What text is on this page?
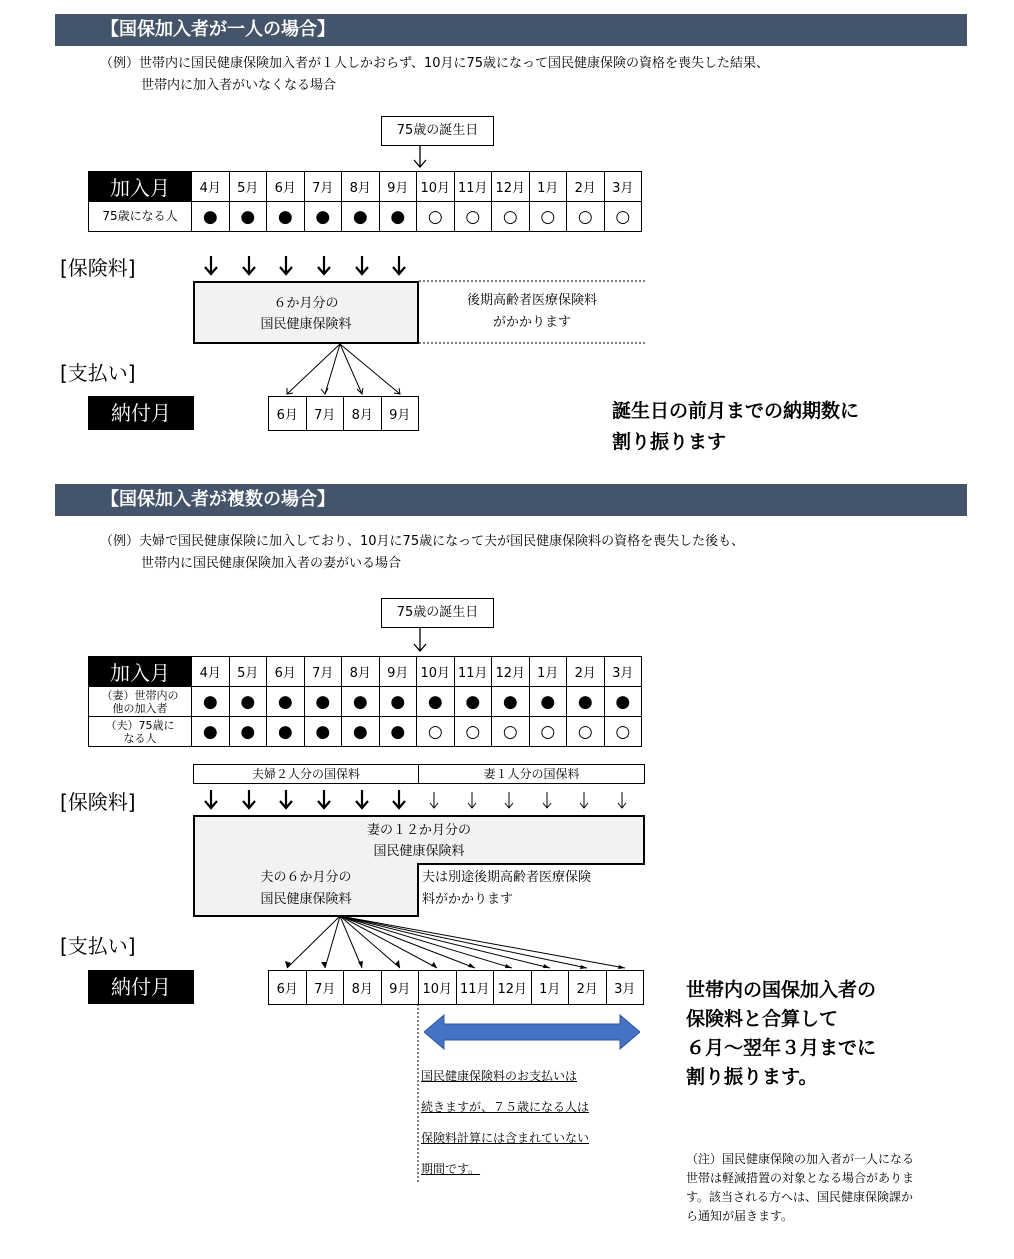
【国保加入者が一人の場合】
（例）世帯内に国民健康保険加入者が１人しかおらず、10月に75歳になって国民健康保険の資格を喪失した結果、
世帯内に加入者がいなくなる場合
75歳の誕生日
加入月	4月	5月	6月	7月	8月	9月	10月	11月	12月	1月	2月	3月
75歳になる人	●	●	●	●	●	●	○	○	○	○	○	○
[保険料]
６か月分の
国民健康保険料
後期高齢者医療保険料
がかかります
[支払い]
納付月	6月	7月	8月	9月	誕生日の前月までの納期数に
割り振ります
【国保加入者が複数の場合】
（例）夫婦で国民健康保険に加入しており、10月に75歳になって夫が国民健康保険料の資格を喪失した後も、
世帯内に国民健康保険加入者の妻がいる場合
75歳の誕生日
加入月	4月	5月	6月	7月	8月	9月	10月	11月	12月	1月	2月	3月

（妻）世帯内の
他の加入者	●	●	●	●	●	●	●	●	●	●	●	●

（夫）75歳に
なる人	●	●	●	●	●	●	○	○	○	○	○	○
夫婦２人分の国保料	妻１人分の国保料
[保険料]
妻の１２か月分の
国民健康保険料
夫の６か月分の
国民健康保険料
夫は別途後期高齢者医療保険
料がかかります
[支払い]
納付月	6月	7月	8月	9月	10月	11月	12月	1月	2月	3月
国民健康保険料のお支払いは
続きますが、７５歳になる人は
保険料計算には含まれていない
期間です。
世帯内の国保加入者の
保険料と合算して
６月～翌年３月までに
割り振ります。
（注）国民健康保険の加入者が一人になる
世帯は軽減措置の対象となる場合がありま
す。該当される方へは、国民健康保険課か
ら通知が届きます。
